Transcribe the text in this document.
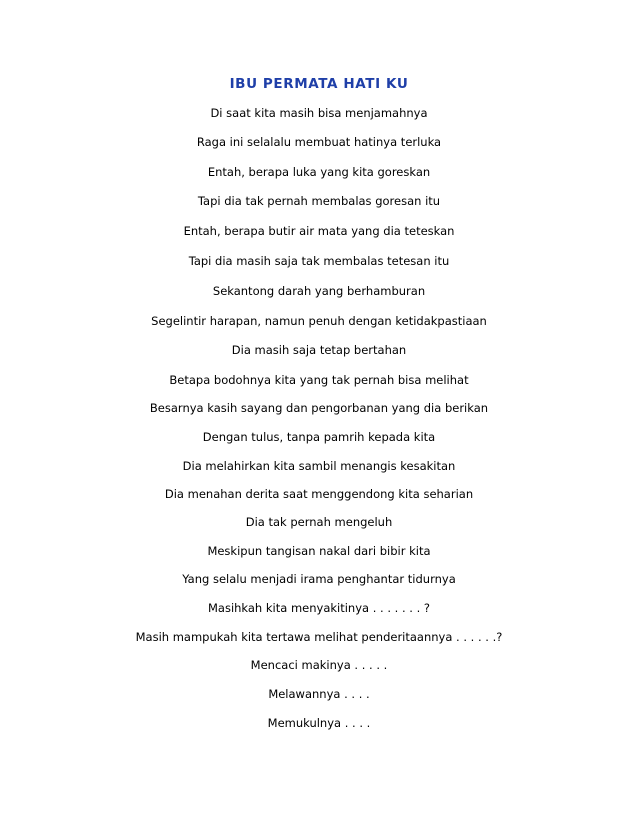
IBU PERMATA HATI KU
Di saat kita masih bisa menjamahnya
Raga ini selalalu membuat hatinya terluka
Entah, berapa luka yang kita goreskan
Tapi dia tak pernah membalas goresan itu
Entah, berapa butir air mata yang dia teteskan
Tapi dia masih saja tak membalas tetesan itu
Sekantong darah yang berhamburan
Segelintir harapan, namun penuh dengan ketidakpastiaan
Dia masih saja tetap bertahan
Betapa bodohnya kita yang tak pernah bisa melihat
Besarnya kasih sayang dan pengorbanan yang dia berikan
Dengan tulus, tanpa pamrih kepada kita
Dia melahirkan kita sambil menangis kesakitan
Dia menahan derita saat menggendong kita seharian
Dia tak pernah mengeluh
Meskipun tangisan nakal dari bibir kita
Yang selalu menjadi irama penghantar tidurnya
Masihkah kita menyakitinya . . . . . . . ?
Masih mampukah kita tertawa melihat penderitaannya . . . . . .?
Mencaci makinya . . . . .
Melawannya . . . .
Memukulnya . . . .
